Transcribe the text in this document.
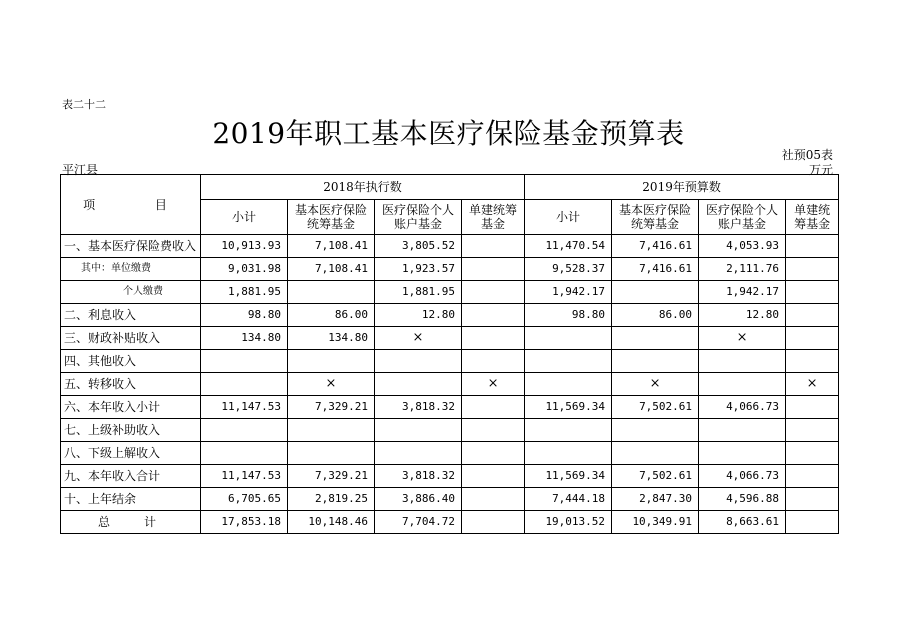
表二十二
2019年职工基本医疗保险基金预算表
社预05表
平江县	万元
项 目	2018年执行数				2019年预算数			
	小计	基本医疗保险统筹基金	医疗保险个人账户基金	单建统筹基金	小计	基本医疗保险统筹基金	医疗保险个人账户基金	单建统筹基金
一、基本医疗保险费收入	10,913.93	7,108.41	3,805.52		11,470.54	7,416.61	4,053.93	
其中：单位缴费	9,031.98	7,108.41	1,923.57		9,528.37	7,416.61	2,111.76	
个人缴费	1,881.95		1,881.95		1,942.17		1,942.17	
二、利息收入	98.80	86.00	12.80		98.80	86.00	12.80	
三、财政补贴收入	134.80	134.80	×				×	
四、其他收入								
五、转移收入		×		×		×		×
六、本年收入小计	11,147.53	7,329.21	3,818.32		11,569.34	7,502.61	4,066.73	
七、上级补助收入								
八、下级上解收入								
九、本年收入合计	11,147.53	7,329.21	3,818.32		11,569.34	7,502.61	4,066.73	
十、上年结余	6,705.65	2,819.25	3,886.40		7,444.18	2,847.30	4,596.88	
总计	17,853.18	10,148.46	7,704.72		19,013.52	10,349.91	8,663.61	
